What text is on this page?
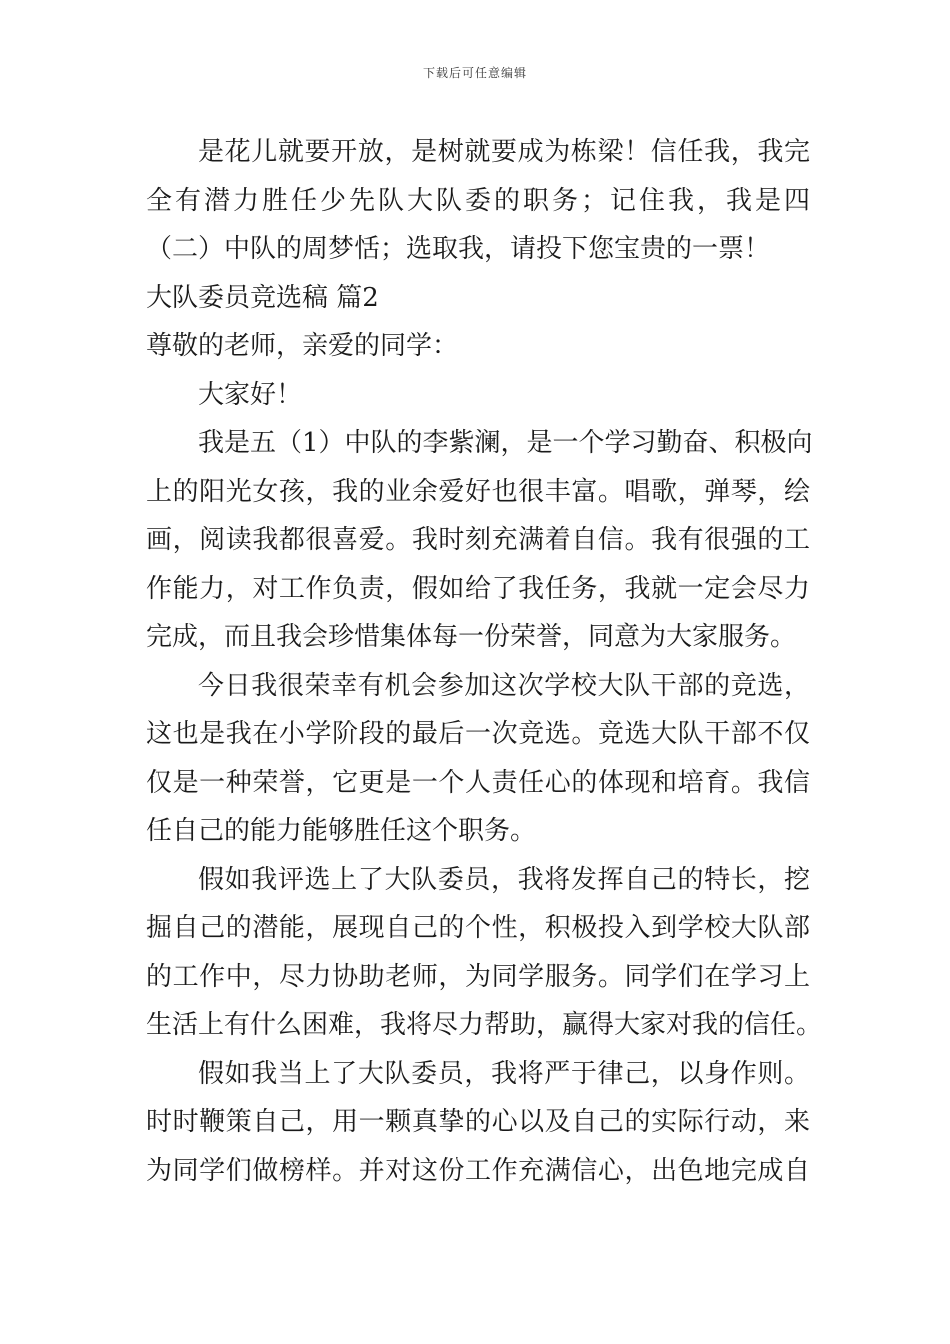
下载后可任意编辑
是花儿就要开放，是树就要成为栋梁！信任我，我完
全有潜力胜任少先队大队委的职务；记住我，我是四
（二）中队的周梦恬；选取我，请投下您宝贵的一票！
大队委员竞选稿 篇2
尊敬的老师，亲爱的同学：
大家好！
我是五（1）中队的李紫澜，是一个学习勤奋、积极向
上的阳光女孩，我的业余爱好也很丰富。唱歌，弹琴，绘
画，阅读我都很喜爱。我时刻充满着自信。我有很强的工
作能力，对工作负责，假如给了我任务，我就一定会尽力
完成，而且我会珍惜集体每一份荣誉，同意为大家服务。
今日我很荣幸有机会参加这次学校大队干部的竞选，
这也是我在小学阶段的最后一次竞选。竞选大队干部不仅
仅是一种荣誉，它更是一个人责任心的体现和培育。我信
任自己的能力能够胜任这个职务。
假如我评选上了大队委员，我将发挥自己的特长，挖
掘自己的潜能，展现自己的个性，积极投入到学校大队部
的工作中，尽力协助老师，为同学服务。同学们在学习上
生活上有什么困难，我将尽力帮助，赢得大家对我的信任。
假如我当上了大队委员，我将严于律己，以身作则。
时时鞭策自己，用一颗真挚的心以及自己的实际行动，来
为同学们做榜样。并对这份工作充满信心，出色地完成自
